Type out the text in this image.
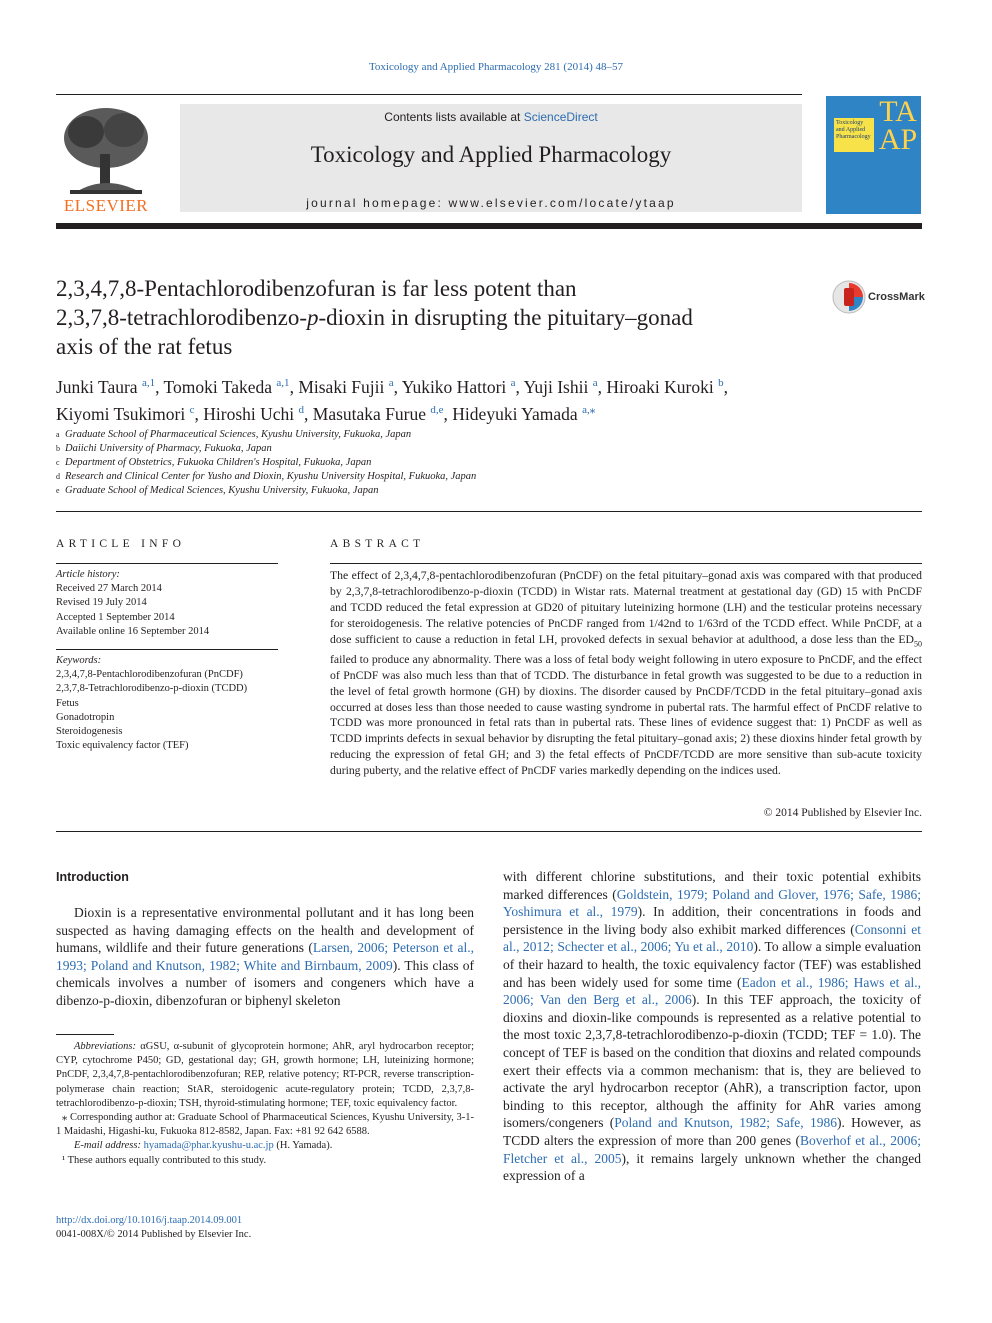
Toxicology and Applied Pharmacology 281 (2014) 48–57
ELSEVIER
Contents lists available at ScienceDirect
Toxicology and Applied Pharmacology
journal homepage: www.elsevier.com/locate/ytaap
Toxicology and Applied Pharmacology
TAAP
2,3,4,7,8-Pentachlorodibenzofuran is far less potent than
2,3,7,8-tetrachlorodibenzo-p-dioxin in disrupting the pituitary–gonad
axis of the rat fetus
CrossMark
Junki Taura $^{a,1}$, Tomoki Takeda $^{a,1}$, Misaki Fujii $^a$, Yukiko Hattori $^a$, Yuji Ishii $^a$, Hiroaki Kuroki $^b$,
Kiyomi Tsukimori $^c$, Hiroshi Uchi $^d$, Masutaka Furue $^{d,e}$, Hideyuki Yamada $^{a,⁎}$
a Graduate School of Pharmaceutical Sciences, Kyushu University, Fukuoka, Japan
b Daiichi University of Pharmacy, Fukuoka, Japan
c Department of Obstetrics, Fukuoka Children's Hospital, Fukuoka, Japan
d Research and Clinical Center for Yusho and Dioxin, Kyushu University Hospital, Fukuoka, Japan
e Graduate School of Medical Sciences, Kyushu University, Fukuoka, Japan
ARTICLE INFO
Article history:
Received 27 March 2014
Revised 19 July 2014
Accepted 1 September 2014
Available online 16 September 2014
Keywords:
2,3,4,7,8-Pentachlorodibenzofuran (PnCDF)
2,3,7,8-Tetrachlorodibenzo-p-dioxin (TCDD)
Fetus
Gonadotropin
Steroidogenesis
Toxic equivalency factor (TEF)
ABSTRACT
The effect of 2,3,4,7,8-pentachlorodibenzofuran (PnCDF) on the fetal pituitary–gonad axis was compared with that produced by 2,3,7,8-tetrachlorodibenzo-p-dioxin (TCDD) in Wistar rats. Maternal treatment at gestational day (GD) 15 with PnCDF and TCDD reduced the fetal expression at GD20 of pituitary luteinizing hormone (LH) and the testicular proteins necessary for steroidogenesis. The relative potencies of PnCDF ranged from 1/42nd to 1/63rd of the TCDD effect. While PnCDF, at a dose sufficient to cause a reduction in fetal LH, provoked defects in sexual behavior at adulthood, a dose less than the $ED_{50}$ failed to produce any abnormality. There was a loss of fetal body weight following in utero exposure to PnCDF, and the effect of PnCDF was also much less than that of TCDD. The disturbance in fetal growth was suggested to be due to a reduction in the level of fetal growth hormone (GH) by dioxins. The disorder caused by PnCDF/TCDD in the fetal pituitary–gonad axis occurred at doses less than those needed to cause wasting syndrome in pubertal rats. The harmful effect of PnCDF relative to TCDD was more pronounced in fetal rats than in pubertal rats. These lines of evidence suggest that: 1) PnCDF as well as TCDD imprints defects in sexual behavior by disrupting the fetal pituitary–gonad axis; 2) these dioxins hinder fetal growth by reducing the expression of fetal GH; and 3) the fetal effects of PnCDF/TCDD are more sensitive than sub-acute toxicity during puberty, and the relative effect of PnCDF varies markedly depending on the indices used.
© 2014 Published by Elsevier Inc.
Introduction
Dioxin is a representative environmental pollutant and it has long been suspected as having damaging effects on the health and development of humans, wildlife and their future generations (Larsen, 2006; Peterson et al., 1993; Poland and Knutson, 1982; White and Birnbaum, 2009). This class of chemicals involves a number of isomers and congeners which have a dibenzo-p-dioxin, dibenzofuran or biphenyl skeleton
with different chlorine substitutions, and their toxic potential exhibits marked differences (Goldstein, 1979; Poland and Glover, 1976; Safe, 1986; Yoshimura et al., 1979). In addition, their concentrations in foods and persistence in the living body also exhibit marked differences (Consonni et al., 2012; Schecter et al., 2006; Yu et al., 2010). To allow a simple evaluation of their hazard to health, the toxic equivalency factor (TEF) was established and has been widely used for some time (Eadon et al., 1986; Haws et al., 2006; Van den Berg et al., 2006). In this TEF approach, the toxicity of dioxins and dioxin-like compounds is represented as a relative potential to the most toxic 2,3,7,8-tetrachlorodibenzo-p-dioxin (TCDD; TEF = 1.0). The concept of TEF is based on the condition that dioxins and related compounds exert their effects via a common mechanism: that is, they are believed to activate the aryl hydrocarbon receptor (AhR), a transcription factor, upon binding to this receptor, although the affinity for AhR varies among isomers/congeners (Poland and Knutson, 1982; Safe, 1986). However, as TCDD alters the expression of more than 200 genes (Boverhof et al., 2006; Fletcher et al., 2005), it remains largely unknown whether the changed expression of a
Abbreviations: αGSU, α-subunit of glycoprotein hormone; AhR, aryl hydrocarbon receptor; CYP, cytochrome P450; GD, gestational day; GH, growth hormone; LH, luteinizing hormone; PnCDF, 2,3,4,7,8-pentachlorodibenzofuran; REP, relative potency; RT-PCR, reverse transcription-polymerase chain reaction; StAR, steroidogenic acute-regulatory protein; TCDD, 2,3,7,8-tetrachlorodibenzo-p-dioxin; TSH, thyroid-stimulating hormone; TEF, toxic equivalency factor.
⁎ Corresponding author at: Graduate School of Pharmaceutical Sciences, Kyushu University, 3-1-1 Maidashi, Higashi-ku, Fukuoka 812-8582, Japan. Fax: +81 92 642 6588.
E-mail address: hyamada@phar.kyushu-u.ac.jp (H. Yamada).
¹ These authors equally contributed to this study.
http://dx.doi.org/10.1016/j.taap.2014.09.001
0041-008X/© 2014 Published by Elsevier Inc.
